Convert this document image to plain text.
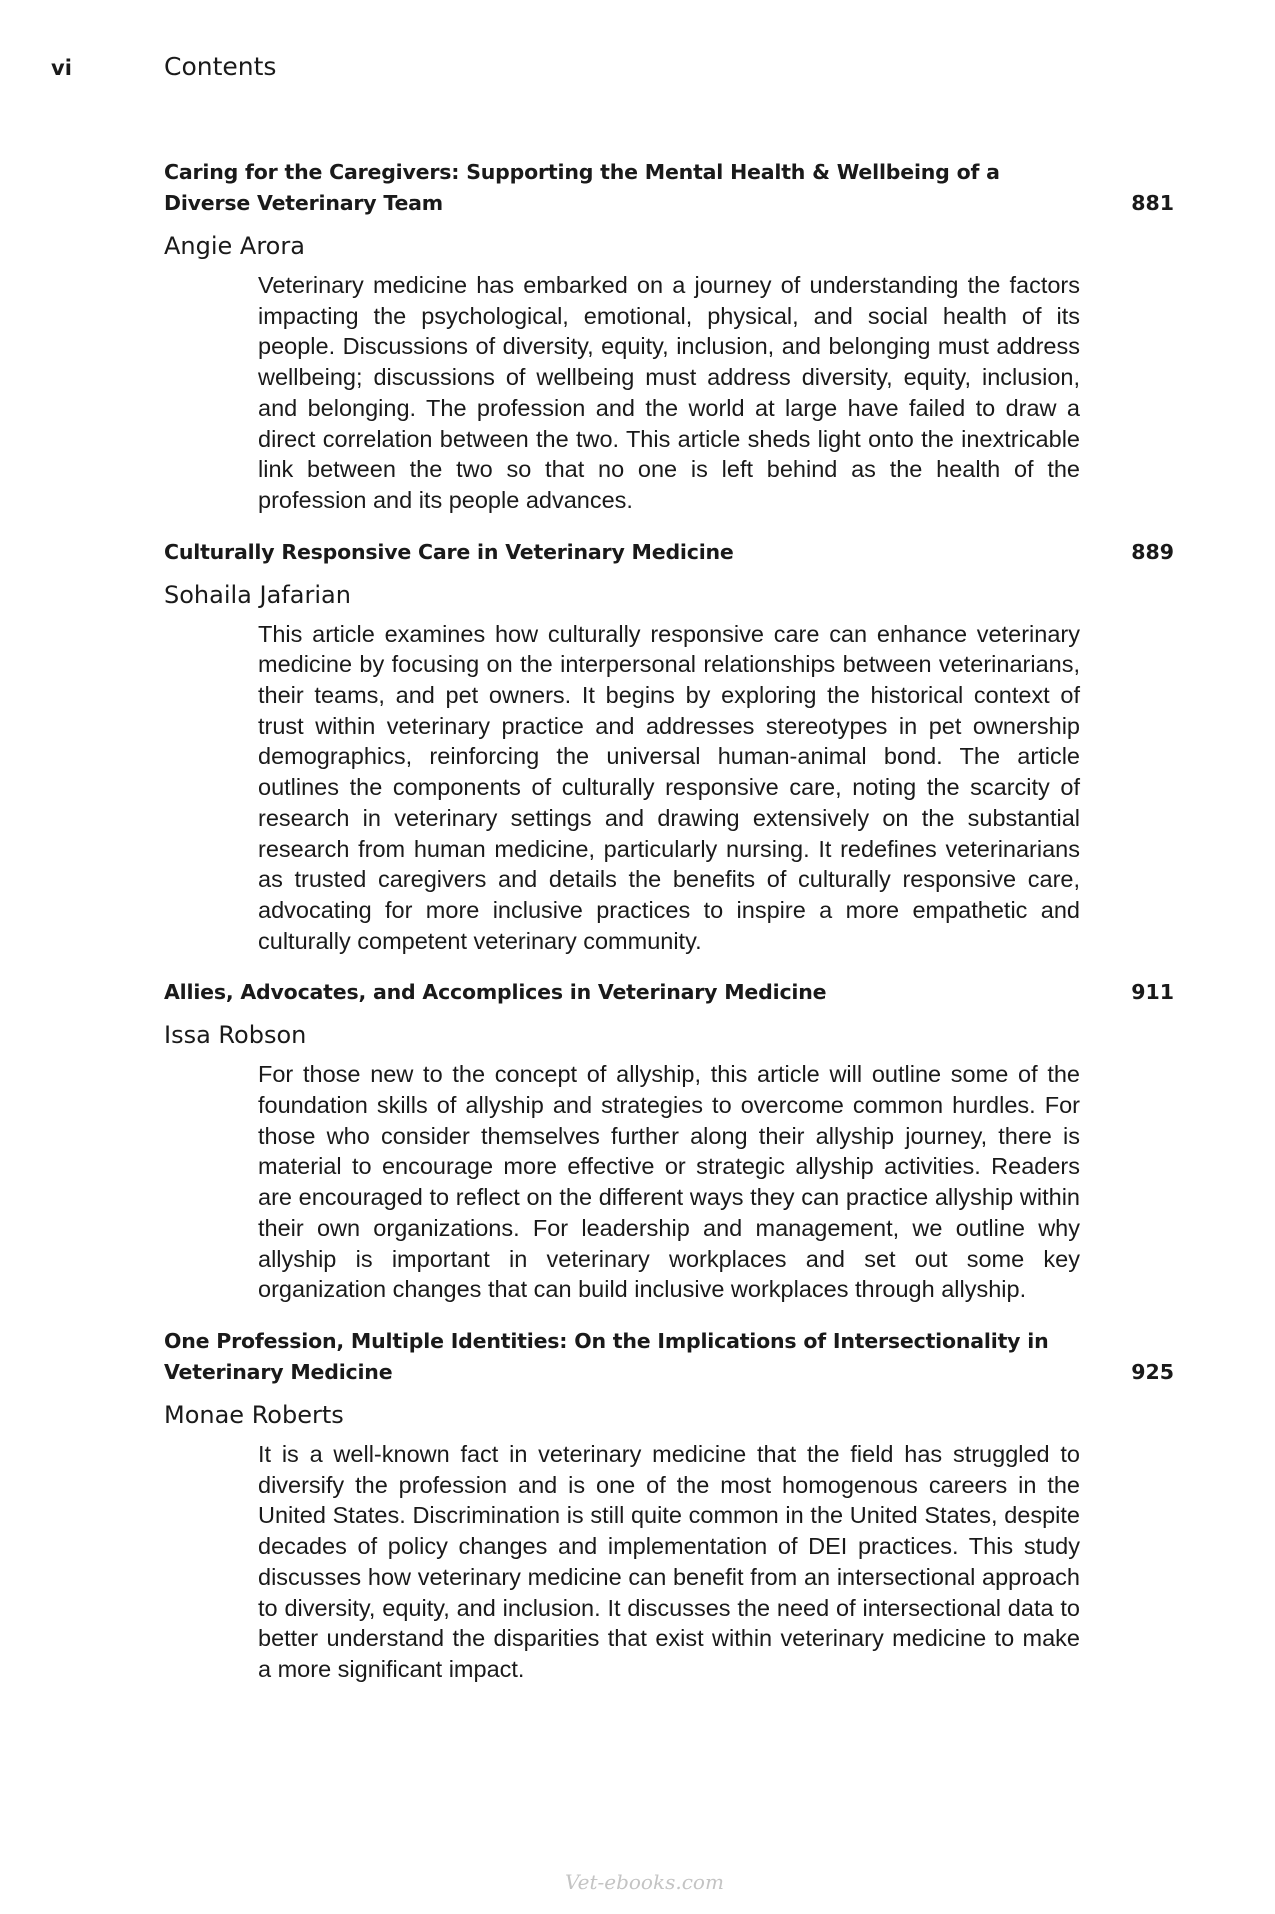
vi	Contents
Caring for the Caregivers: Supporting the Mental Health & Wellbeing of a Diverse Veterinary Team	881
Angie Arora
Veterinary medicine has embarked on a journey of understanding the factors impacting the psychological, emotional, physical, and social health of its people. Discussions of diversity, equity, inclusion, and belonging must address wellbeing; discussions of wellbeing must address diversity, equity, inclusion, and belonging. The profession and the world at large have failed to draw a direct correlation between the two. This article sheds light onto the inextricable link between the two so that no one is left behind as the health of the profession and its people advances.
Culturally Responsive Care in Veterinary Medicine	889
Sohaila Jafarian
This article examines how culturally responsive care can enhance veterinary medicine by focusing on the interpersonal relationships between veterinarians, their teams, and pet owners. It begins by exploring the historical context of trust within veterinary practice and addresses stereotypes in pet ownership demographics, reinforcing the universal human-animal bond. The article outlines the components of culturally responsive care, noting the scarcity of research in veterinary settings and drawing extensively on the substantial research from human medicine, particularly nursing. It redefines veterinarians as trusted caregivers and details the benefits of culturally responsive care, advocating for more inclusive practices to inspire a more empathetic and culturally competent veterinary community.
Allies, Advocates, and Accomplices in Veterinary Medicine	911
Issa Robson
For those new to the concept of allyship, this article will outline some of the foundation skills of allyship and strategies to overcome common hurdles. For those who consider themselves further along their allyship journey, there is material to encourage more effective or strategic allyship activities. Readers are encouraged to reflect on the different ways they can practice allyship within their own organizations. For leadership and management, we outline why allyship is important in veterinary workplaces and set out some key organization changes that can build inclusive workplaces through allyship.
One Profession, Multiple Identities: On the Implications of Intersectionality in Veterinary Medicine	925
Monae Roberts
It is a well-known fact in veterinary medicine that the field has struggled to diversify the profession and is one of the most homogenous careers in the United States. Discrimination is still quite common in the United States, despite decades of policy changes and implementation of DEI practices. This study discusses how veterinary medicine can benefit from an intersectional approach to diversity, equity, and inclusion. It discusses the need of intersectional data to better understand the disparities that exist within veterinary medicine to make a more significant impact.
Vet-ebooks.com
